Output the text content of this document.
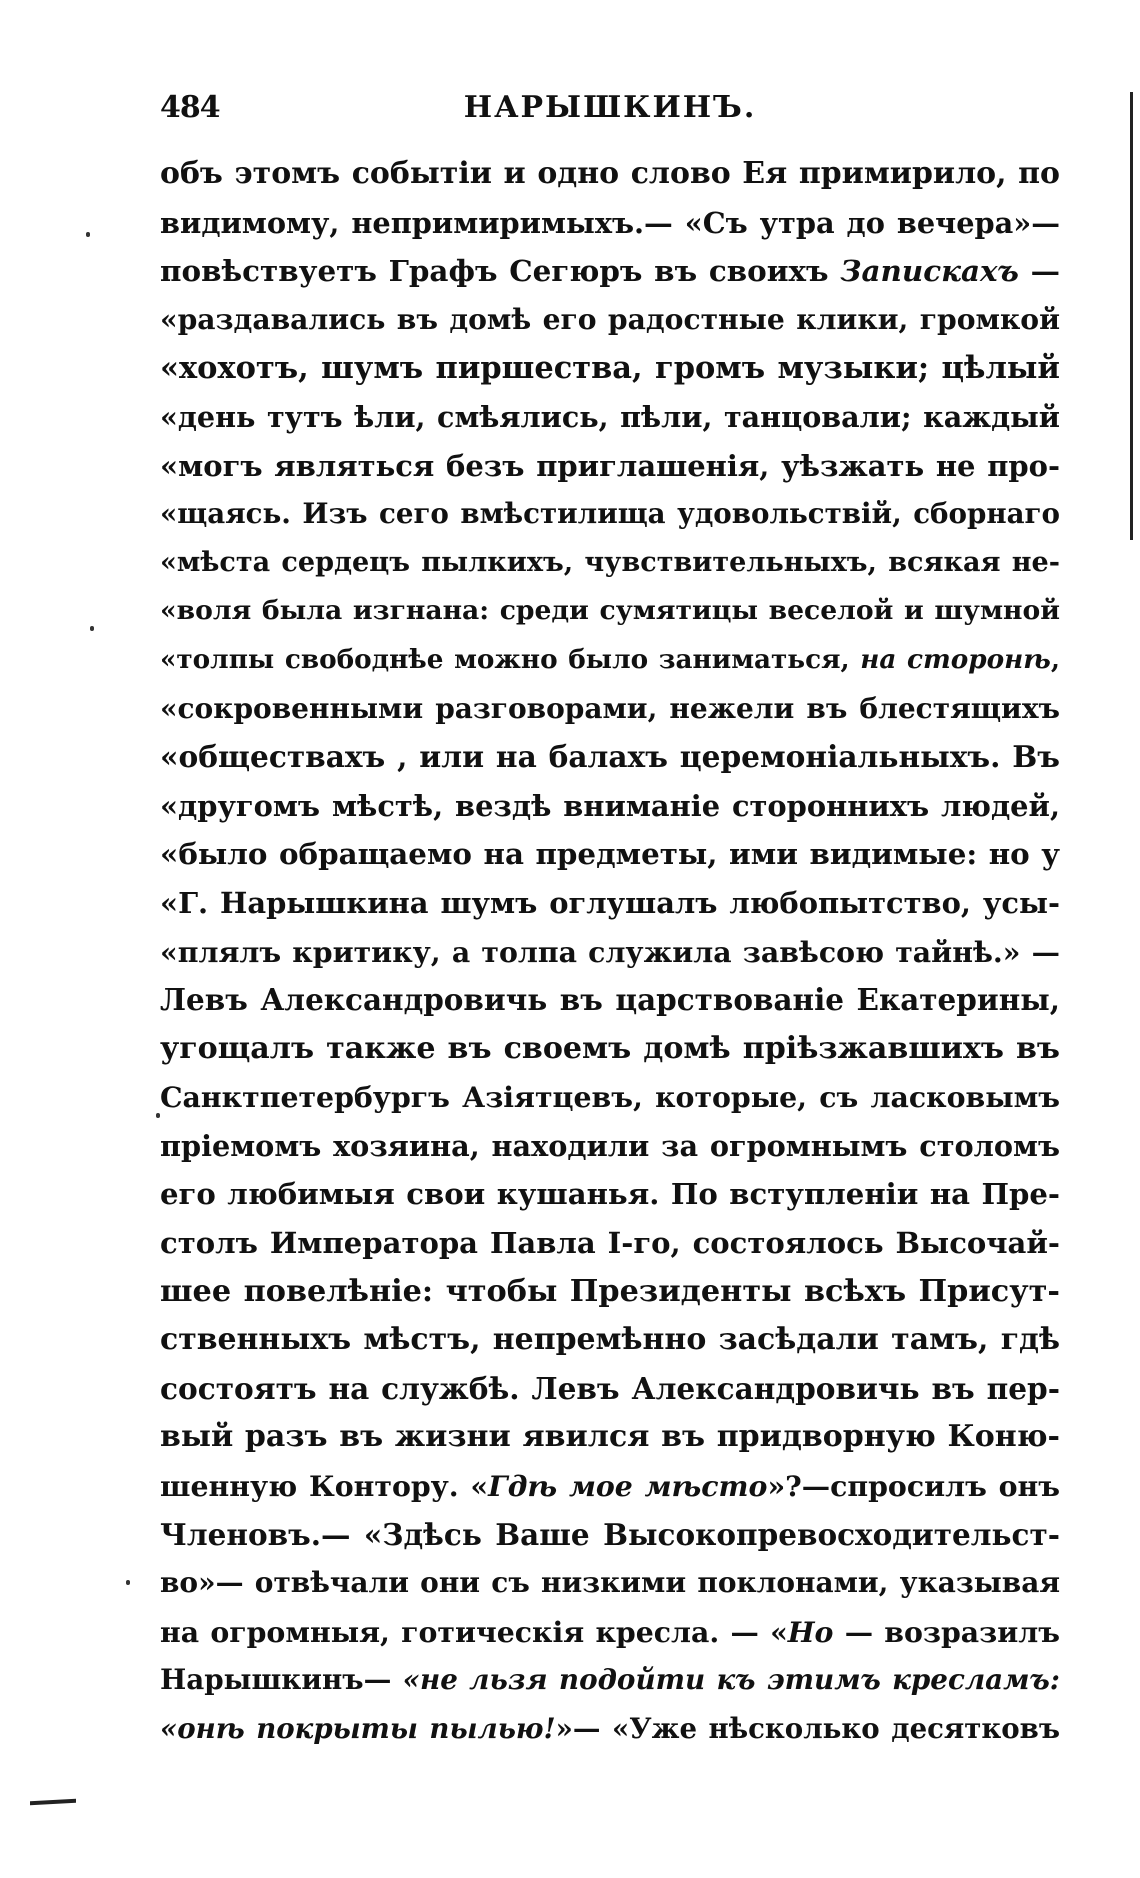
484	НАРЫШКИНЪ.
объ этомъ событіи и одно слово Ея примирило, по
видимому, непримиримыхъ.— «Съ утра до вечера»—
повѣствуетъ Графъ Сегюръ въ своихъ Запискахъ —
«раздавались въ домѣ его радостные клики, громкой
«хохотъ, шумъ пиршества, громъ музыки; цѣлый
«день тутъ ѣли, смѣялись, пѣли, танцовали; каждый
«могъ являться безъ приглашенія, уѣзжать не про-
«щаясь. Изъ сего вмѣстилища удовольствій, сборнаго
«мѣста сердецъ пылкихъ, чувствительныхъ, всякая не-
«воля была изгнана: среди сумятицы веселой и шумной
«толпы свободнѣе можно было заниматься, на сторонѣ,
«сокровенными разговорами, нежели въ блестящихъ
«обществахъ , или на балахъ церемоніальныхъ. Въ
«другомъ мѣстѣ, вездѣ вниманіе стороннихъ людей,
«было обращаемо на предметы, ими видимые: но у
«Г. Нарышкина шумъ оглушалъ любопытство, усы-
«плялъ критику, а толпа служила завѣсою тайнѣ.» —
Левъ Александровичь въ царствованіе Екатерины,
угощалъ также въ своемъ домѣ пріѣзжавшихъ въ
Санктпетербургъ Азіятцевъ, которые, съ ласковымъ
пріемомъ хозяина, находили за огромнымъ столомъ
его любимыя свои кушанья. По вступленіи на Пре-
столъ Императора Павла І-го, состоялось Высочай-
шее повелѣніе: чтобы Президенты всѣхъ Присут-
ственныхъ мѣстъ, непремѣнно засѣдали тамъ, гдѣ
состоятъ на службѣ. Левъ Александровичь въ пер-
вый разъ въ жизни явился въ придворную Коню-
шенную Контору. «Гдѣ мое мѣсто»?—спросилъ онъ
Членовъ.— «Здѣсь Ваше Высокопревосходительст-
во»— отвѣчали они съ низкими поклонами, указывая
на огромныя, готическія кресла. — «Но — возразилъ
Нарышкинъ— «не льзя подойти къ этимъ кресламъ:
«онѣ покрыты пылью!»— «Уже нѣсколько десятковъ
